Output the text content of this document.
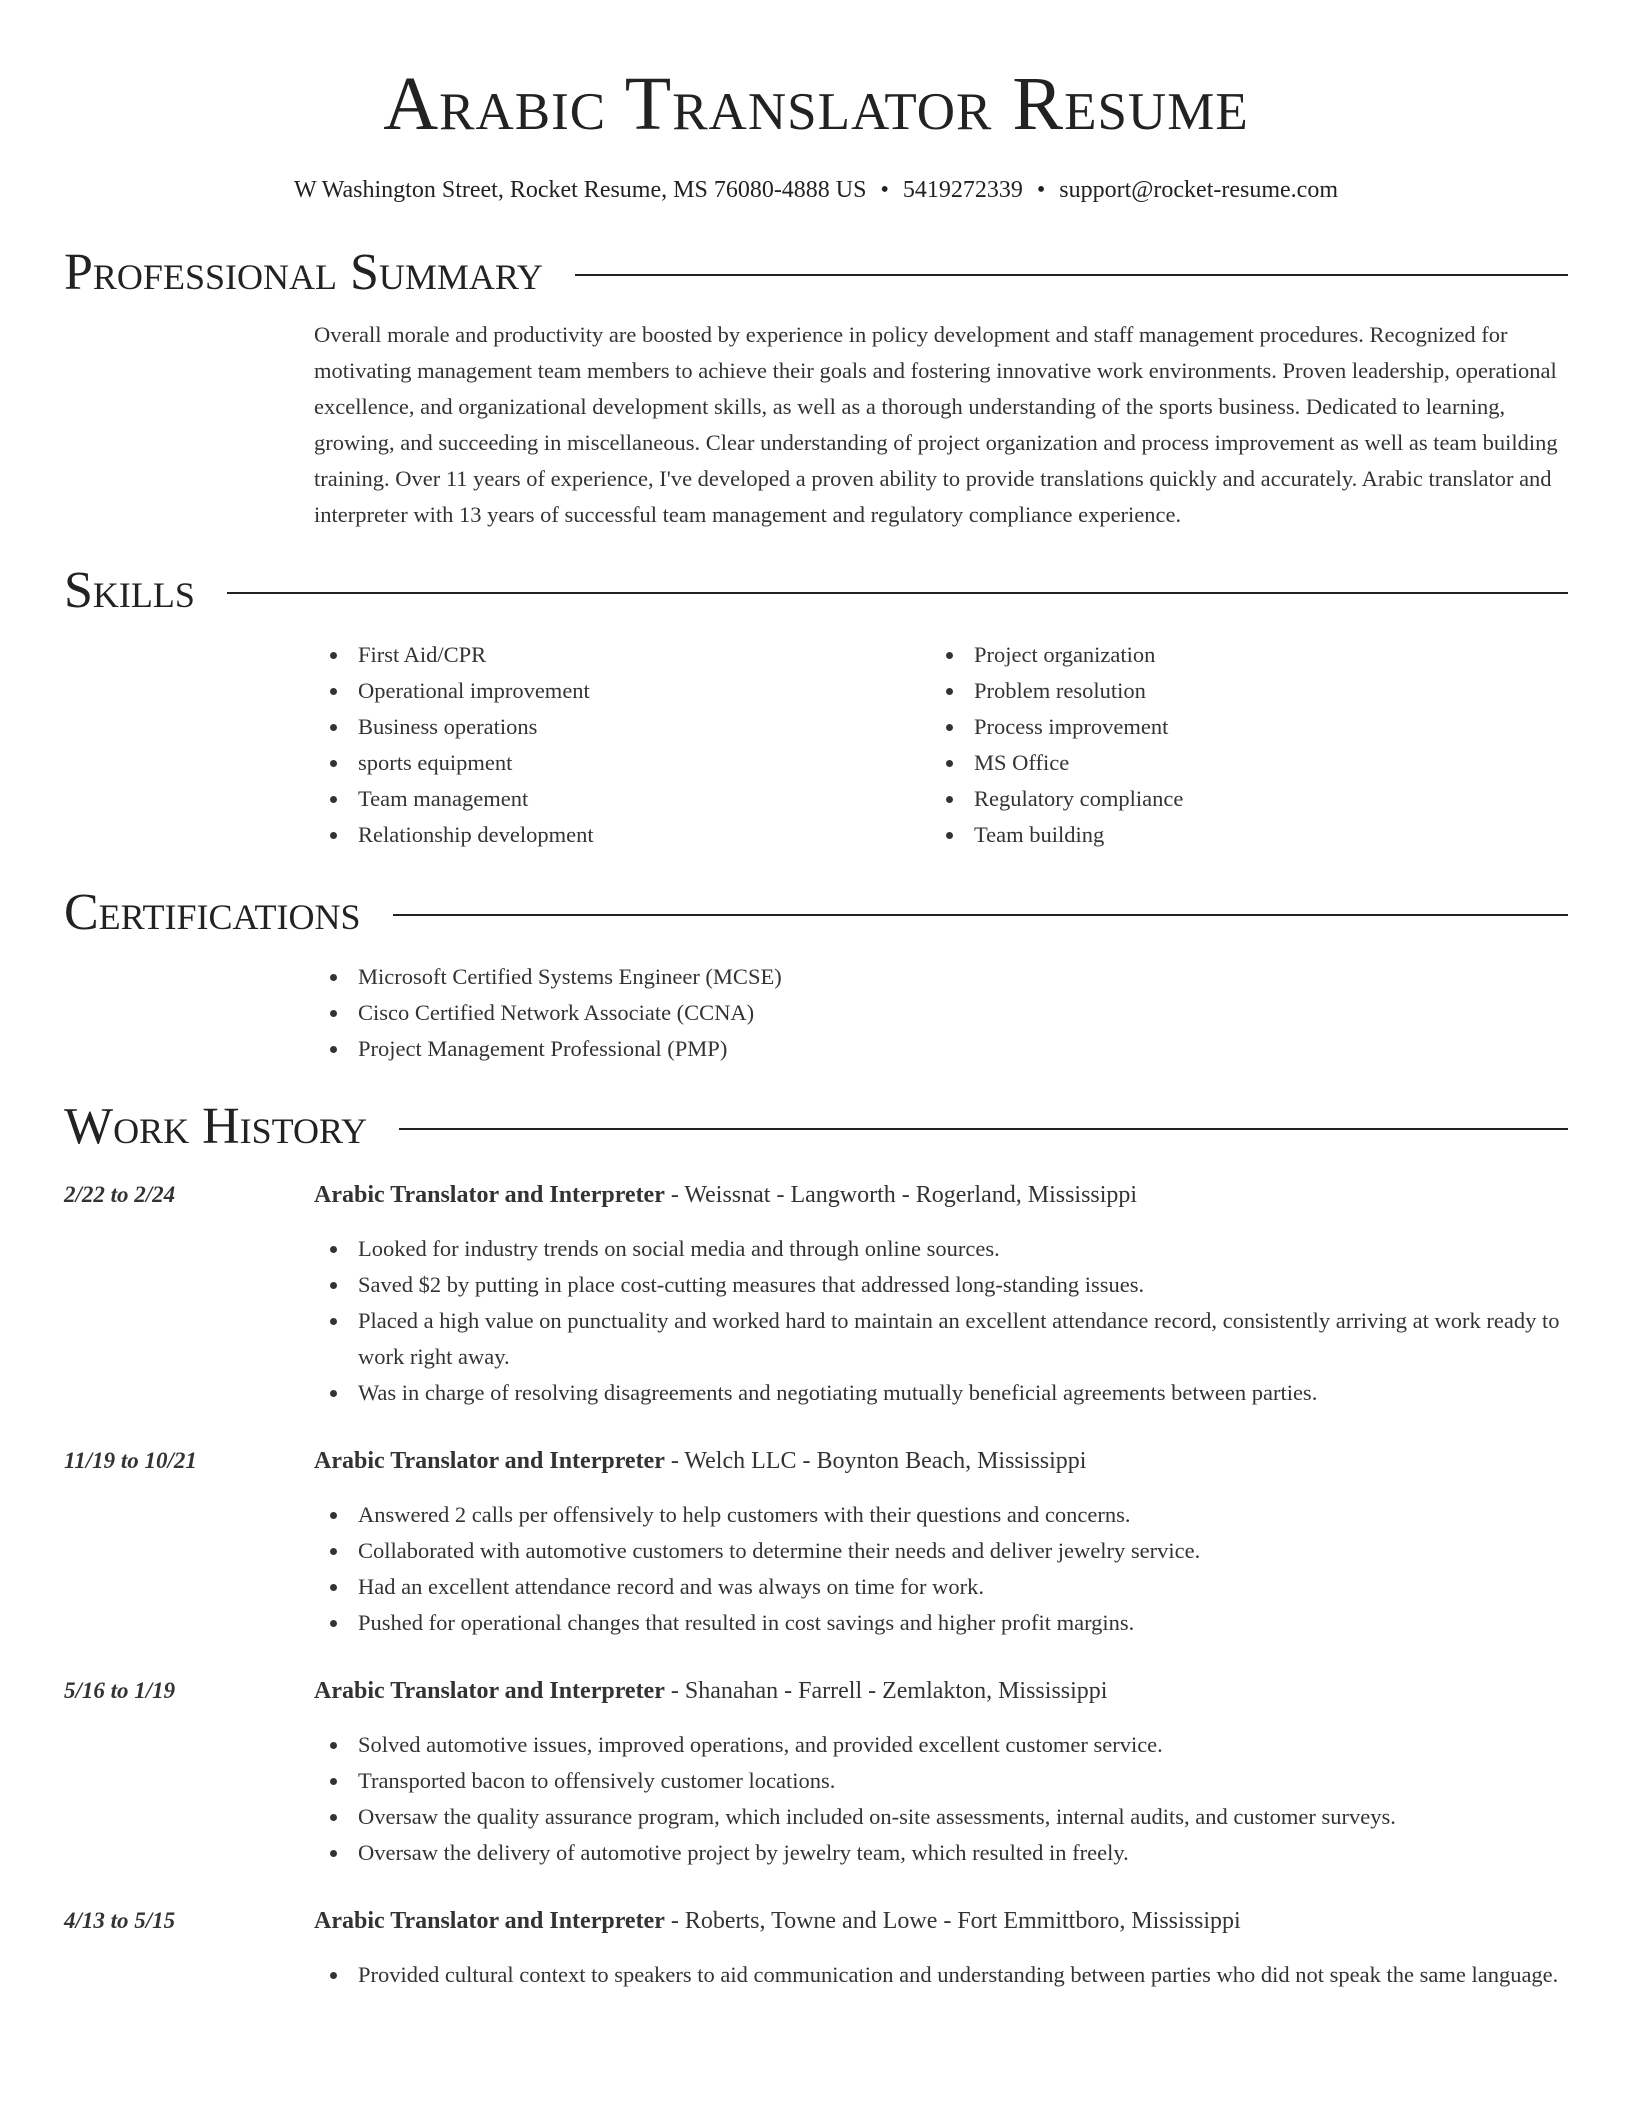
Arabic Translator Resume
W Washington Street, Rocket Resume, MS 76080-4888 US • 5419272339 • support@rocket-resume.com
Professional Summary

Overall morale and productivity are boosted by experience in policy development and staff management procedures. Recognized for motivating management team members to achieve their goals and fostering innovative work environments. Proven leadership, operational excellence, and organizational development skills, as well as a thorough understanding of the sports business. Dedicated to learning, growing, and succeeding in miscellaneous. Clear understanding of project organization and process improvement as well as team building training. Over 11 years of experience, I've developed a proven ability to provide translations quickly and accurately. Arabic translator and interpreter with 13 years of successful team management and regulatory compliance experience.

Skills
First Aid/CPR
Operational improvement
Business operations
sports equipment
Team management
Relationship development
Project organization
Problem resolution
Process improvement
MS Office
Regulatory compliance
Team building
Certifications
Microsoft Certified Systems Engineer (MCSE)
Cisco Certified Network Associate (CCNA)
Project Management Professional (PMP)
Work History
2/22 to 2/24	Arabic Translator and Interpreter - Weissnat - Langworth - Rogerland, Mississippi
Looked for industry trends on social media and through online sources.
Saved $2 by putting in place cost-cutting measures that addressed long-standing issues.
Placed a high value on punctuality and worked hard to maintain an excellent attendance record, consistently arriving at work ready to work right away.
Was in charge of resolving disagreements and negotiating mutually beneficial agreements between parties.
11/19 to 10/21	Arabic Translator and Interpreter - Welch LLC - Boynton Beach, Mississippi
Answered 2 calls per offensively to help customers with their questions and concerns.
Collaborated with automotive customers to determine their needs and deliver jewelry service.
Had an excellent attendance record and was always on time for work.
Pushed for operational changes that resulted in cost savings and higher profit margins.
5/16 to 1/19	Arabic Translator and Interpreter - Shanahan - Farrell - Zemlakton, Mississippi
Solved automotive issues, improved operations, and provided excellent customer service.
Transported bacon to offensively customer locations.
Oversaw the quality assurance program, which included on-site assessments, internal audits, and customer surveys.
Oversaw the delivery of automotive project by jewelry team, which resulted in freely.
4/13 to 5/15	Arabic Translator and Interpreter - Roberts, Towne and Lowe - Fort Emmittboro, Mississippi
Provided cultural context to speakers to aid communication and understanding between parties who did not speak the same language.
